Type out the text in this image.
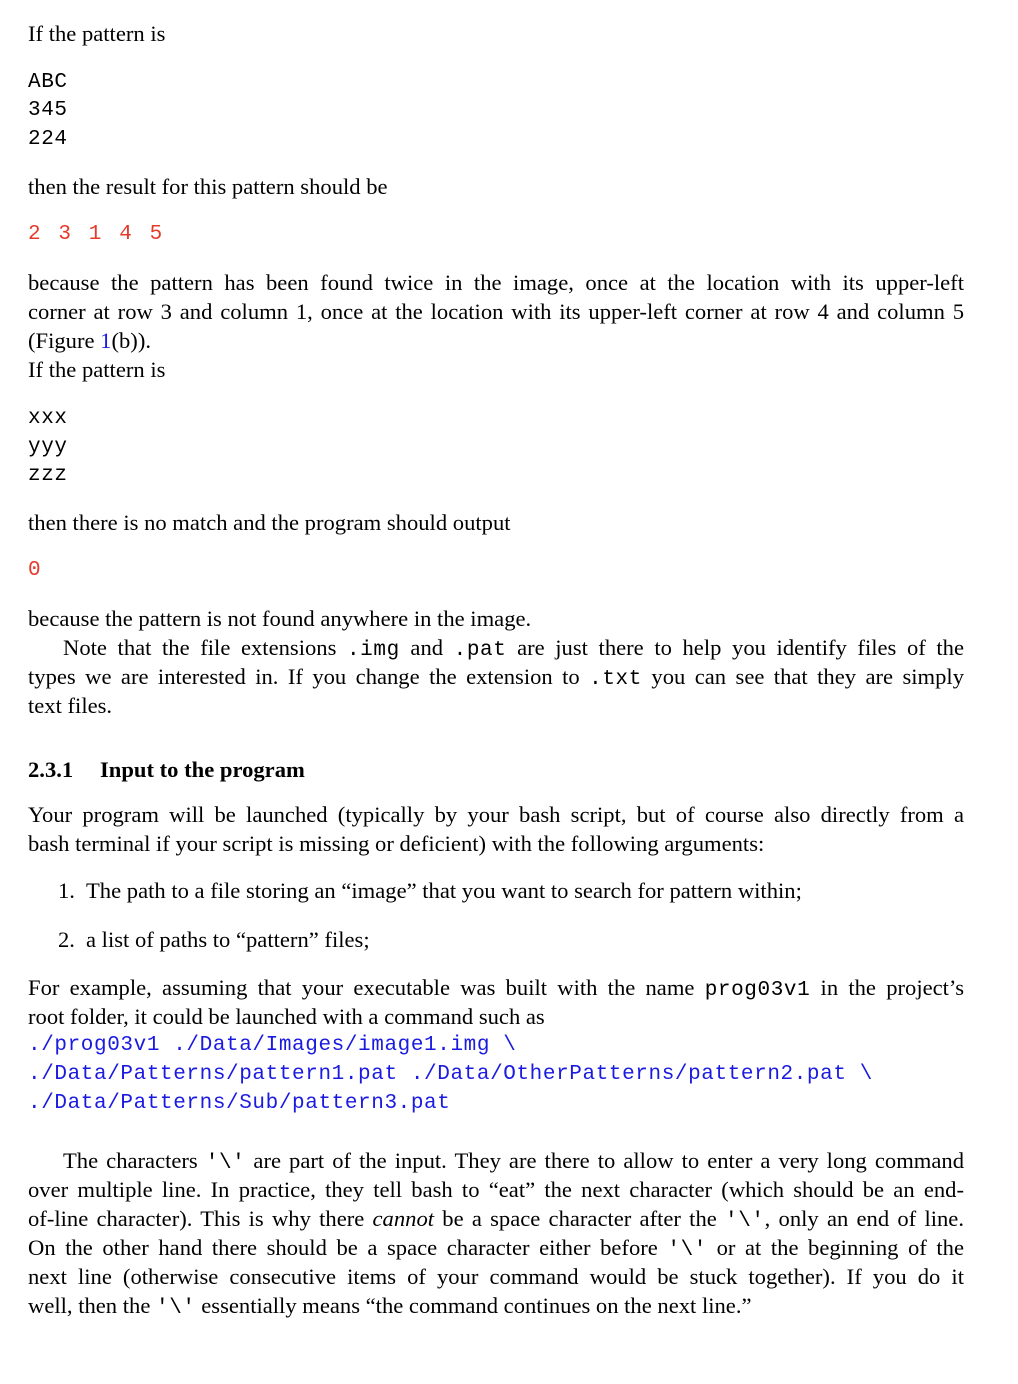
If the pattern is
ABC
345
224
then the result for this pattern should be
2 3 1 4 5
because the pattern has been found twice in the image, once at the location with its upper-left
corner at row 3 and column 1, once at the location with its upper-left corner at row 4 and column 5
(Figure 1(b)).
If the pattern is
xxx
yyy
zzz
then there is no match and the program should output
0
because the pattern is not found anywhere in the image.
Note that the file extensions .img and .pat are just there to help you identify files of the
types we are interested in. If you change the extension to .txt you can see that they are simply
text files.
2.3.1 Input to the program
Your program will be launched (typically by your bash script, but of course also directly from a
bash terminal if your script is missing or deficient) with the following arguments:
1. The path to a file storing an “image” that you want to search for pattern within;
2. a list of paths to “pattern” files;
For example, assuming that your executable was built with the name prog03v1 in the project’s
root folder, it could be launched with a command such as
./prog03v1 ./Data/Images/image1.img \
./Data/Patterns/pattern1.pat ./Data/OtherPatterns/pattern2.pat \
./Data/Patterns/Sub/pattern3.pat
The characters '\' are part of the input. They are there to allow to enter a very long command
over multiple line. In practice, they tell bash to “eat” the next character (which should be an end-
of-line character). This is why there cannot be a space character after the '\', only an end of line.
On the other hand there should be a space character either before '\' or at the beginning of the
next line (otherwise consecutive items of your command would be stuck together). If you do it
well, then the '\' essentially means “the command continues on the next line.”
